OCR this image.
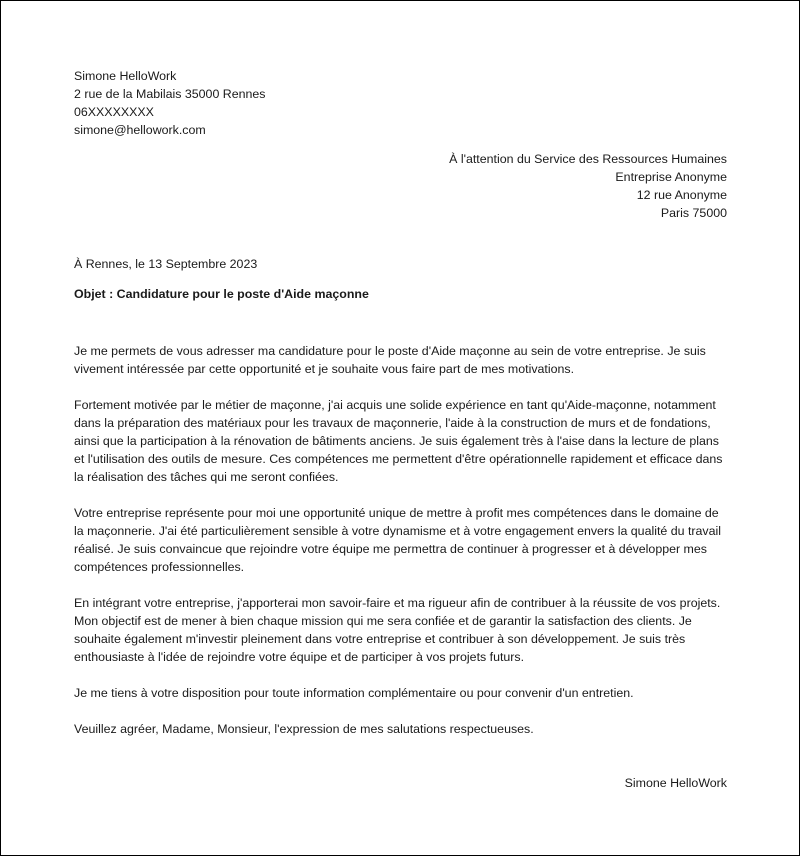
Simone HelloWork
2 rue de la Mabilais 35000 Rennes
06XXXXXXXX
simone@hellowork.com
À l'attention du Service des Ressources Humaines
Entreprise Anonyme
12 rue Anonyme
Paris 75000
À Rennes, le 13 Septembre 2023
Objet : Candidature pour le poste d'Aide maçonne

Je me permets de vous adresser ma candidature pour le poste d'Aide maçonne au sein de votre entreprise. Je suis vivement intéressée par cette opportunité et je souhaite vous faire part de mes motivations.

Fortement motivée par le métier de maçonne, j'ai acquis une solide expérience en tant qu'Aide-maçonne, notamment dans la préparation des matériaux pour les travaux de maçonnerie, l'aide à la construction de murs et de fondations, ainsi que la participation à la rénovation de bâtiments anciens. Je suis également très à l'aise dans la lecture de plans et l'utilisation des outils de mesure. Ces compétences me permettent d'être opérationnelle rapidement et efficace dans la réalisation des tâches qui me seront confiées.

Votre entreprise représente pour moi une opportunité unique de mettre à profit mes compétences dans le domaine de la maçonnerie. J'ai été particulièrement sensible à votre dynamisme et à votre engagement envers la qualité du travail réalisé. Je suis convaincue que rejoindre votre équipe me permettra de continuer à progresser et à développer mes compétences professionnelles.

En intégrant votre entreprise, j'apporterai mon savoir-faire et ma rigueur afin de contribuer à la réussite de vos projets. Mon objectif est de mener à bien chaque mission qui me sera confiée et de garantir la satisfaction des clients. Je souhaite également m'investir pleinement dans votre entreprise et contribuer à son développement. Je suis très enthousiaste à l'idée de rejoindre votre équipe et de participer à vos projets futurs.

Je me tiens à votre disposition pour toute information complémentaire ou pour convenir d'un entretien.

Veuillez agréer, Madame, Monsieur, l'expression de mes salutations respectueuses.

Simone HelloWork
